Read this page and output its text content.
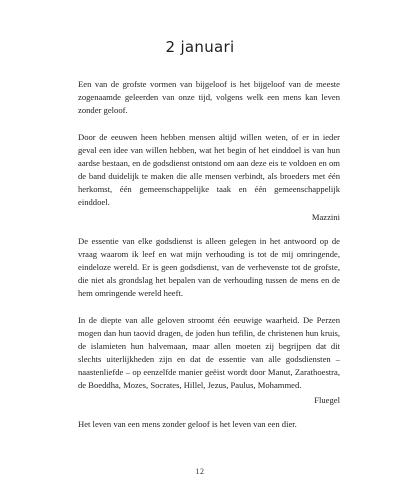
2 januari

Een van de grofste vormen van bijgeloof is het bijgeloof van de meeste zogenaamde geleerden van onze tijd, volgens welk een mens kan leven zonder geloof.

Door de eeuwen heen hebben mensen altijd willen weten, of er in ieder geval een idee van willen hebben, wat het begin of het einddoel is van hun aardse bestaan, en de godsdienst ontstond om aan deze eis te voldoen en om de band duidelijk te maken die alle mensen verbindt, als broeders met één herkomst, één gemeenschappelijke taak en één gemeenschappelijk einddoel.

Mazzini

De essentie van elke godsdienst is alleen gelegen in het antwoord op de vraag waarom ik leef en wat mijn verhouding is tot de mij omringende, eindeloze wereld. Er is geen godsdienst, van de verhevenste tot de grofste, die niet als grondslag het bepalen van de verhouding tussen de mens en de hem omringende wereld heeft.

In de diepte van alle geloven stroomt één eeuwige waarheid. De Perzen mogen dan hun taovid dragen, de joden hun tefilin, de christenen hun kruis, de islamieten hun halvemaan, maar allen moeten zij begrijpen dat dit slechts uiterlijkheden zijn en dat de essentie van alle godsdiensten – naastenliefde – op eenzelfde manier geëist wordt door Manut, Zarathoestra, de Boeddha, Mozes, Socrates, Hillel, Jezus, Paulus, Mohammed.

Fluegel

Het leven van een mens zonder geloof is het leven van een dier.

12
